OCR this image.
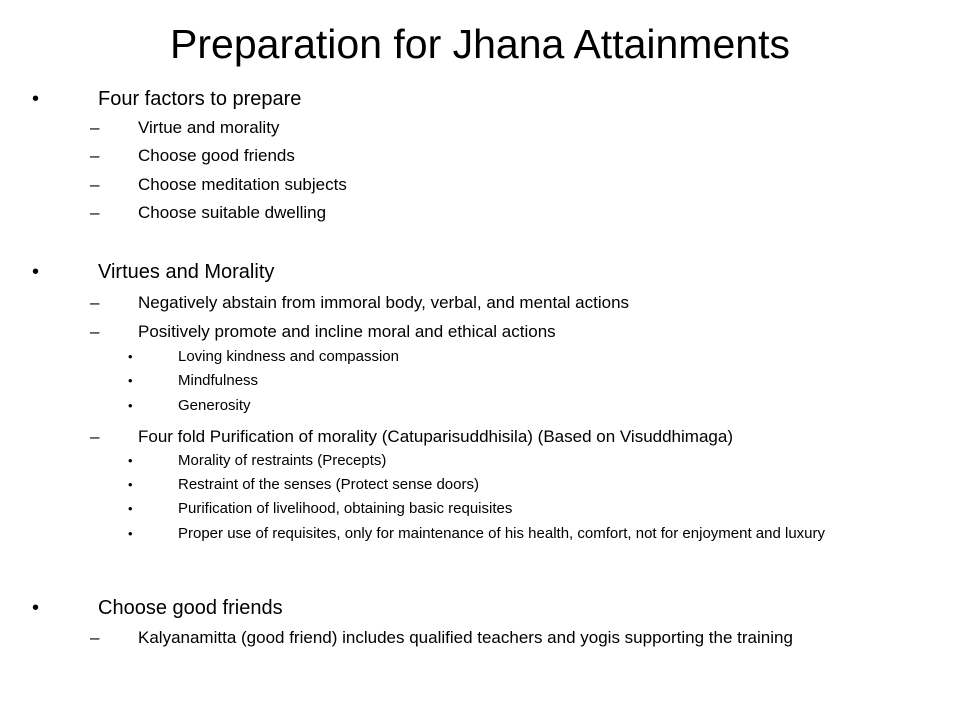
Preparation for Jhana Attainments
•	Four factors to prepare
– Virtue and morality
– Choose good friends
– Choose meditation subjects
– Choose suitable dwelling
•	Virtues and Morality
– Negatively abstain from immoral body, verbal, and mental actions
– Positively promote and incline moral and ethical actions
•	Loving kindness and compassion
•	Mindfulness
•	Generosity
– Four fold Purification of morality (Catuparisuddhisila) (Based on Visuddhimaga)
•	Morality of restraints (Precepts)
•	Restraint of the senses (Protect sense doors)
•	Purification of livelihood, obtaining basic requisites
•	Proper use of requisites, only for maintenance of his health, comfort, not for enjoyment and luxury
•	Choose good friends
– Kalyanamitta (good friend) includes qualified teachers and yogis supporting the training
